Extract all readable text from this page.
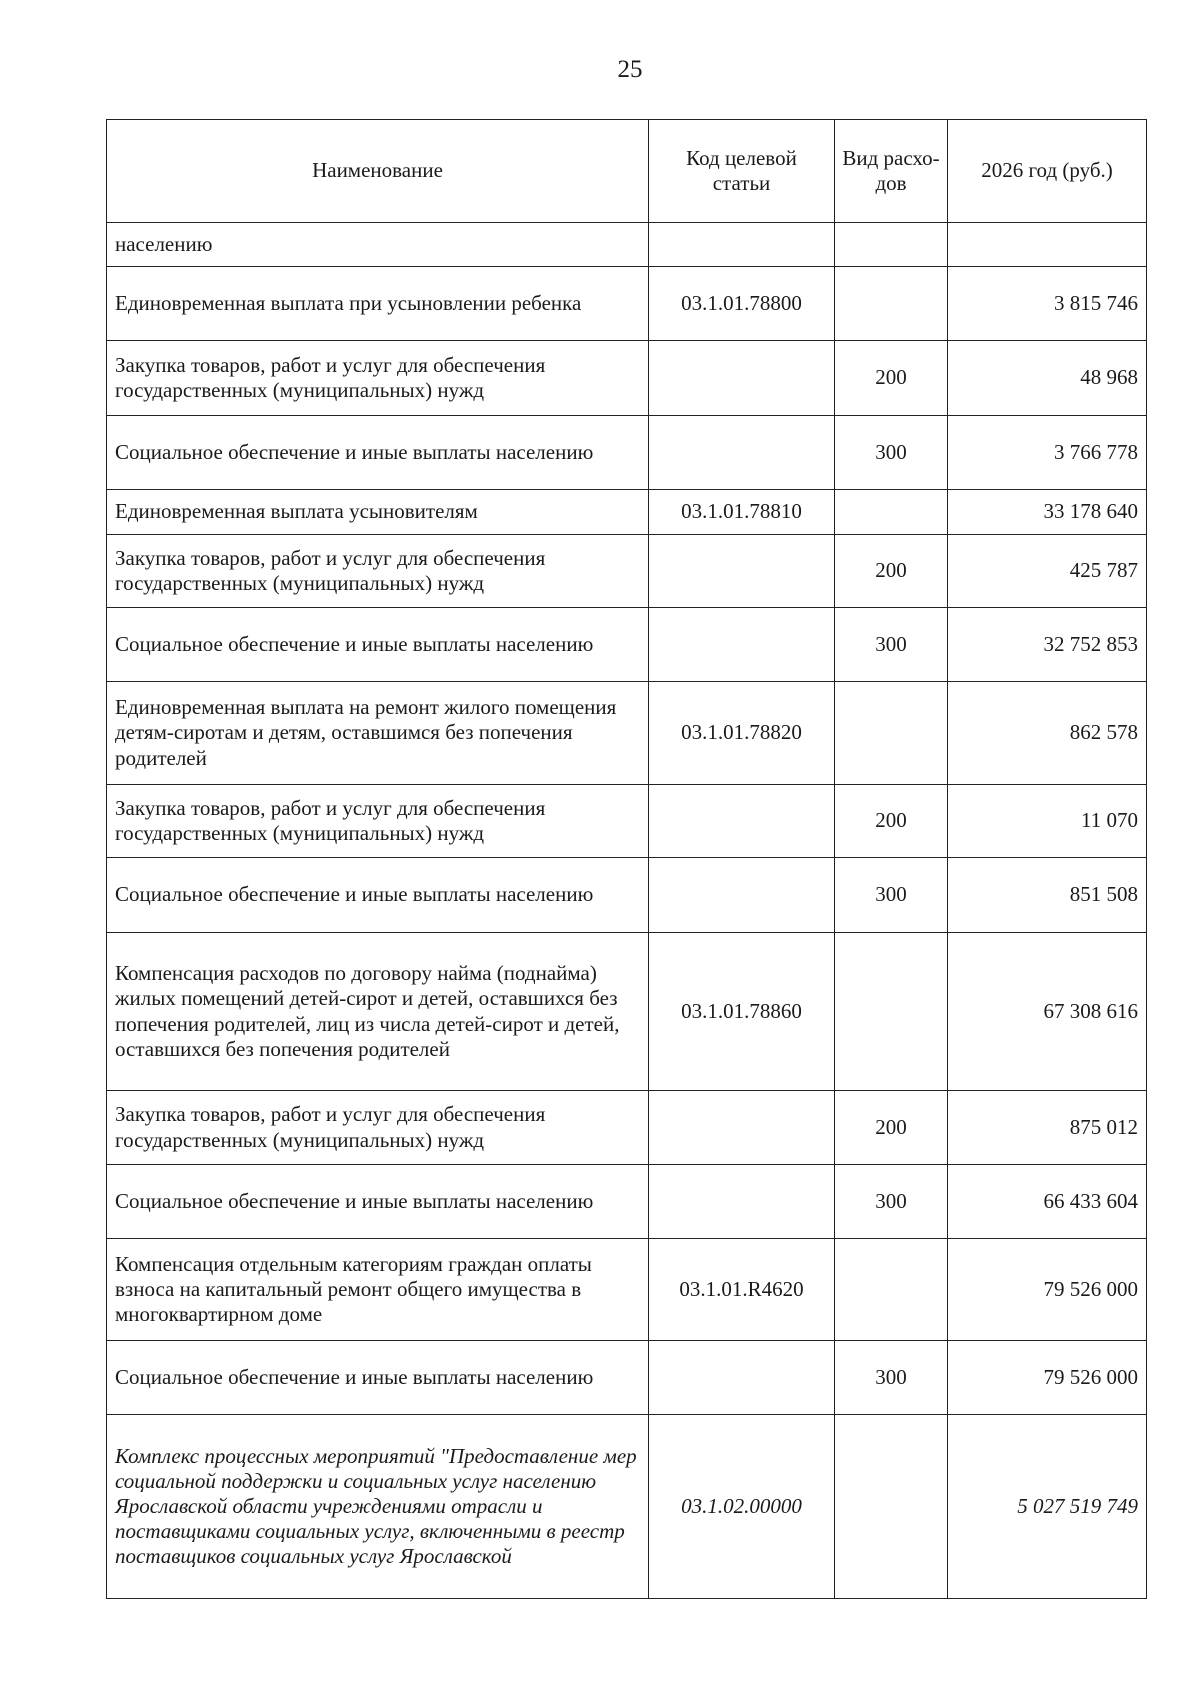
25
Наименование	Код целевой статьи	Вид расхо- дов	2026 год (руб.)
населению			
Единовременная выплата при усыновлении ребенка	03.1.01.78800		3 815 746
Закупка товаров, работ и услуг для обеспечения государственных (муниципальных) нужд		200	48 968
Социальное обеспечение и иные выплаты населению		300	3 766 778
Единовременная выплата усыновителям	03.1.01.78810		33 178 640
Закупка товаров, работ и услуг для обеспечения государственных (муниципальных) нужд		200	425 787
Социальное обеспечение и иные выплаты населению		300	32 752 853
Единовременная выплата на ремонт жилого помещения детям-сиротам и детям, оставшимся без попечения родителей	03.1.01.78820		862 578
Закупка товаров, работ и услуг для обеспечения государственных (муниципальных) нужд		200	11 070
Социальное обеспечение и иные выплаты населению		300	851 508
Компенсация расходов по договору найма (поднайма) жилых помещений детей-сирот и детей, оставшихся без попечения родителей, лиц из числа детей-сирот и детей, оставшихся без попечения родителей	03.1.01.78860		67 308 616
Закупка товаров, работ и услуг для обеспечения государственных (муниципальных) нужд		200	875 012
Социальное обеспечение и иные выплаты населению		300	66 433 604
Компенсация отдельным категориям граждан оплаты взноса на капитальный ремонт общего имущества в многоквартирном доме	03.1.01.R4620		79 526 000
Социальное обеспечение и иные выплаты населению		300	79 526 000
Комплекс процессных мероприятий "Предоставление мер социальной поддержки и социальных услуг населению Ярославской области учреждениями отрасли и поставщиками социальных услуг, включенными в реестр поставщиков социальных услуг Ярославской	03.1.02.00000		5 027 519 749
